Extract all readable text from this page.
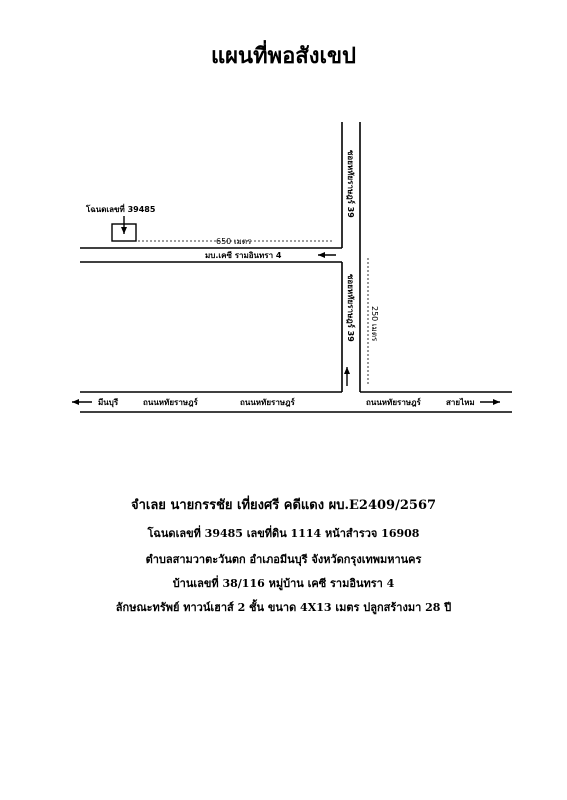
แผนที่พอสังเขป
โฉนดเลขที่ 39485
650 เมตร
มบ.เคซี รามอินทรา 4
ซอยหทัยราษฎร์ 39
ซอยหทัยราษฎร์ 39 250 เมตร
ถนนหทัยราษฎร์	ถนนหทัยราษฎร์	ถนนหทัยราษฎร์
มีนบุรี	สายไหม
จำเลย นายกรรชัย เที่ยงศรี คดีแดง ผบ.E2409/2567
โฉนดเลขที่ 39485 เลขที่ดิน 1114 หน้าสำรวจ 16908
ตำบลสามวาตะวันตก อำเภอมีนบุรี จังหวัดกรุงเทพมหานคร
บ้านเลขที่ 38/116 หมู่บ้าน เคซี รามอินทรา 4
ลักษณะทรัพย์ ทาวน์เฮาส์ 2 ชั้น ขนาด 4X13 เมตร ปลูกสร้างมา 28 ปี
